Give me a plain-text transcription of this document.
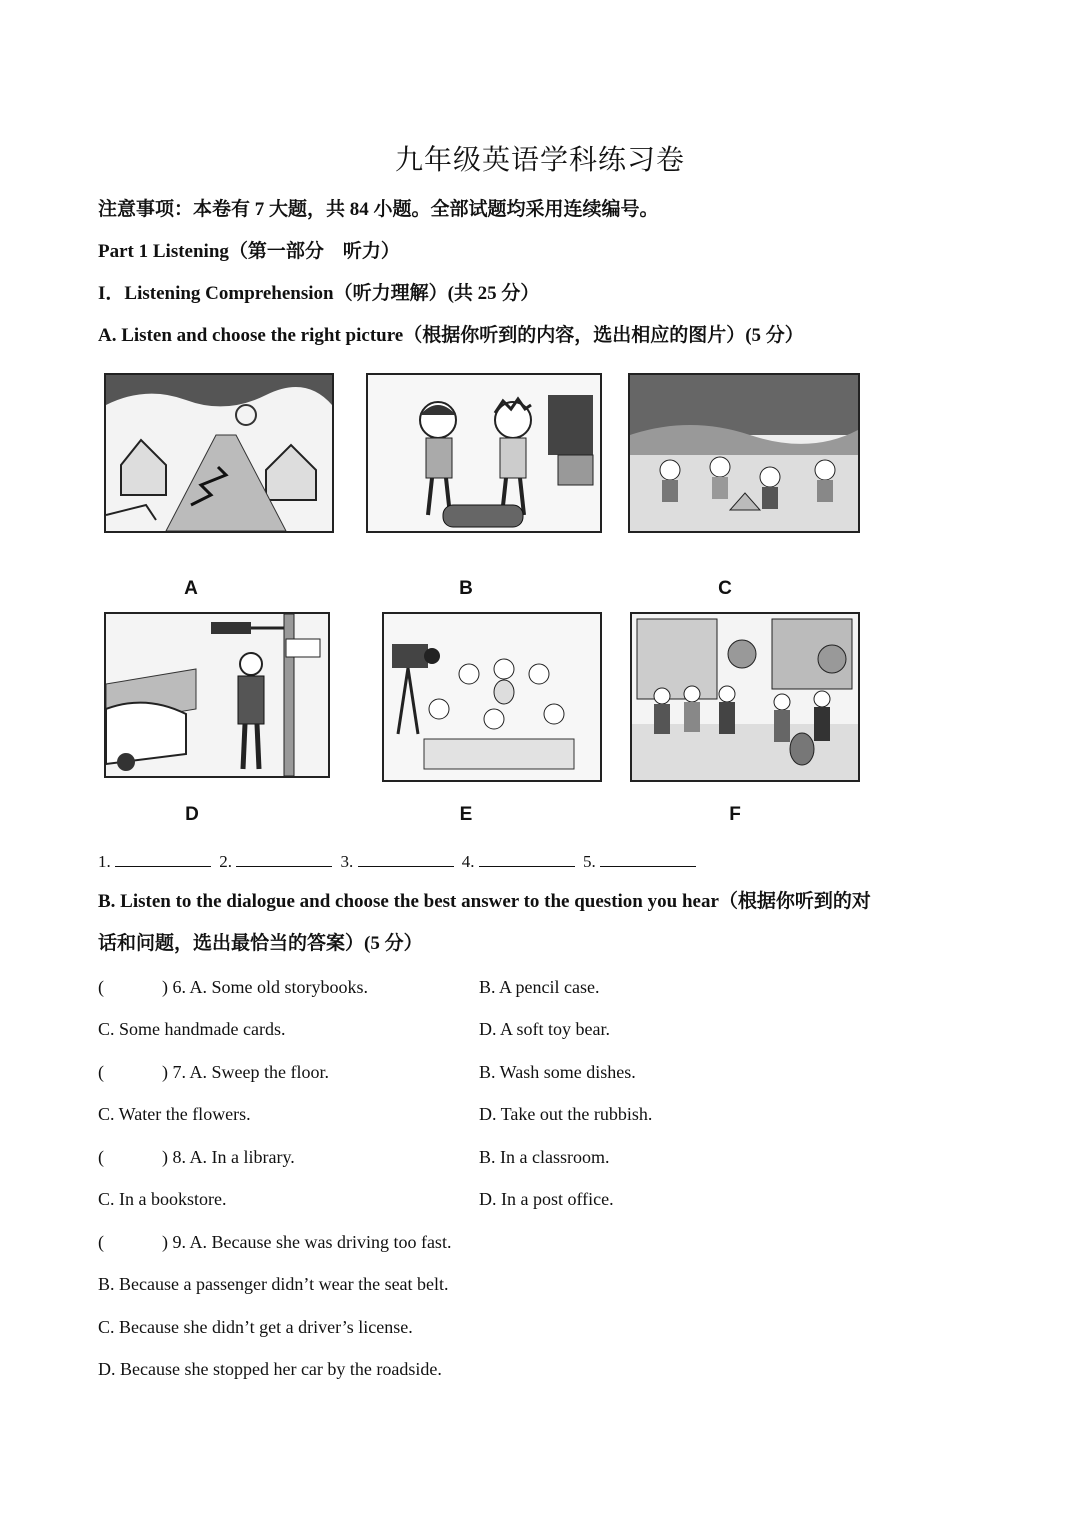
九年级英语学科练习卷
注意事项：本卷有 7 大题，共 84 小题。全部试题均采用连续编号。
Part 1 Listening（第一部分　听力）
I．Listening Comprehension（听力理解）(共 25 分）
A. Listen and choose the right picture（根据你听到的内容，选出相应的图片）(5 分）
A	B	C
D	E	F
1.	2.	3.	4.	5.
B. Listen to the dialogue and choose the best answer to the question you hear（根据你听到的对
话和问题，选出最恰当的答案）(5 分）
(	) 6. A. Some old storybooks.	B. A pencil case.
C. Some handmade cards.	D. A soft toy bear.
(	) 7. A. Sweep the floor.	B. Wash some dishes.
C. Water the flowers.	D. Take out the rubbish.
(	) 8. A. In a library.	B. In a classroom.
C. In a bookstore.	D. In a post office.
(	) 9. A. Because she was driving too fast.
B. Because a passenger didn’t wear the seat belt.
C. Because she didn’t get a driver’s license.
D. Because she stopped her car by the roadside.
